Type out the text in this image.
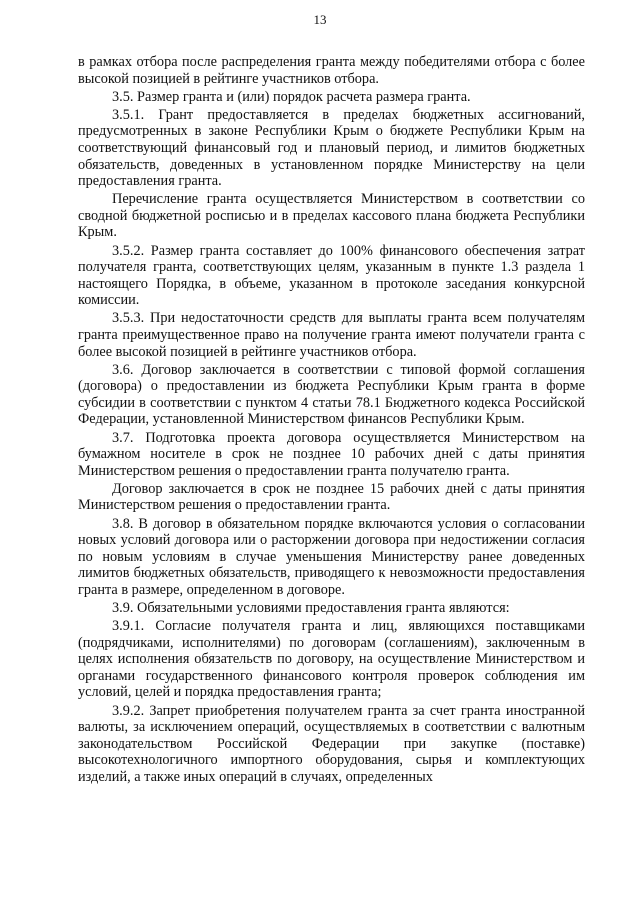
13

в рамках отбора после распределения гранта между победителями отбора с более высокой позицией в рейтинге участников отбора.

3.5. Размер гранта и (или) порядок расчета размера гранта.

3.5.1. Грант предоставляется в пределах бюджетных ассигнований, предусмотренных в законе Республики Крым о бюджете Республики Крым на соответствующий финансовый год и плановый период, и лимитов бюджетных обязательств, доведенных в установленном порядке Министерству на цели предоставления гранта.

Перечисление гранта осуществляется Министерством в соответствии со сводной бюджетной росписью и в пределах кассового плана бюджета Республики Крым.

3.5.2. Размер гранта составляет до 100% финансового обеспечения затрат получателя гранта, соответствующих целям, указанным в пункте 1.3 раздела 1 настоящего Порядка, в объеме, указанном в протоколе заседания конкурсной комиссии.

3.5.3. При недостаточности средств для выплаты гранта всем получателям гранта преимущественное право на получение гранта имеют получатели гранта с более высокой позицией в рейтинге участников отбора.

3.6. Договор заключается в соответствии с типовой формой соглашения (договора) о предоставлении из бюджета Республики Крым гранта в форме субсидии в соответствии с пунктом 4 статьи 78.1 Бюджетного кодекса Российской Федерации, установленной Министерством финансов Республики Крым.

3.7. Подготовка проекта договора осуществляется Министерством на бумажном носителе в срок не позднее 10 рабочих дней с даты принятия Министерством решения о предоставлении гранта получателю гранта.

Договор заключается в срок не позднее 15 рабочих дней с даты принятия Министерством решения о предоставлении гранта.

3.8. В договор в обязательном порядке включаются условия о согласовании новых условий договора или о расторжении договора при недостижении согласия по новым условиям в случае уменьшения Министерству ранее доведенных лимитов бюджетных обязательств, приводящего к невозможности предоставления гранта в размере, определенном в договоре.

3.9. Обязательными условиями предоставления гранта являются:

3.9.1. Согласие получателя гранта и лиц, являющихся поставщиками (подрядчиками, исполнителями) по договорам (соглашениям), заключенным в целях исполнения обязательств по договору, на осуществление Министерством и органами государственного финансового контроля проверок соблюдения им условий, целей и порядка предоставления гранта;

3.9.2. Запрет приобретения получателем гранта за счет гранта иностранной валюты, за исключением операций, осуществляемых в соответствии с валютным законодательством Российской Федерации при закупке (поставке) высокотехнологичного импортного оборудования, сырья и комплектующих изделий, а также иных операций в случаях, определенных
